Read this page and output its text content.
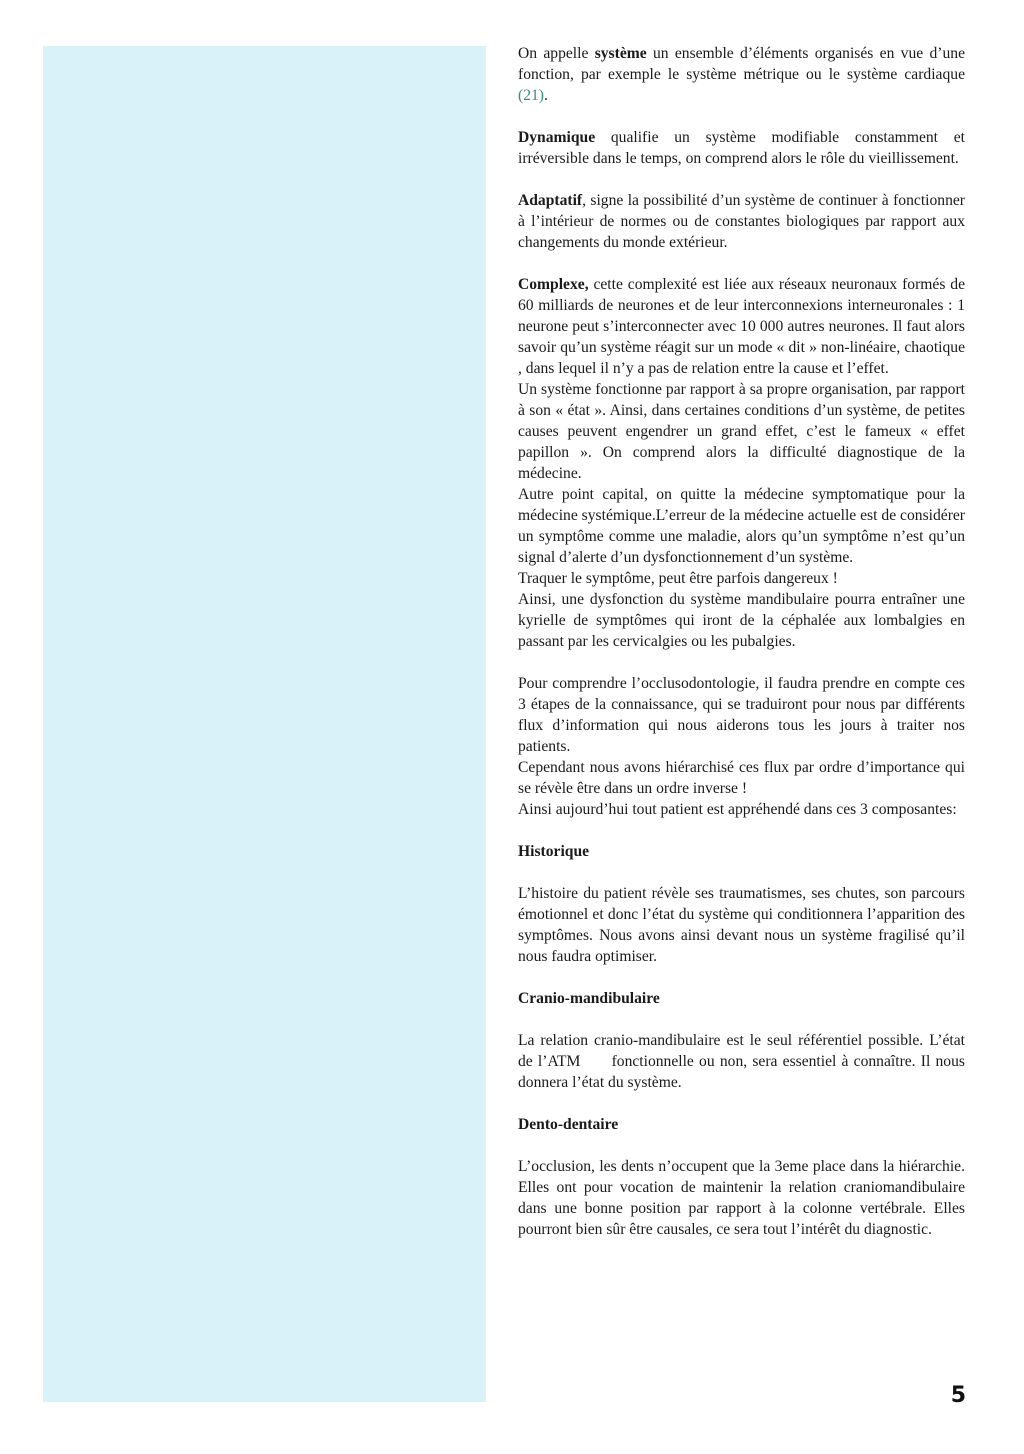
On appelle système un ensemble d’éléments organisés en vue d’une fonction, par exemple le système métrique ou le système cardiaque (21).

Dynamique qualifie un système modifiable constamment et irréversible dans le temps, on comprend alors le rôle du vieillissement.

Adaptatif, signe la possibilité d’un système de continuer à fonctionner à l’intérieur de normes ou de constantes biologiques par rapport aux changements du monde extérieur.

Complexe, cette complexité est liée aux réseaux neuronaux formés de 60 milliards de neurones et de leur interconnexions interneuronales : 1 neurone peut s’interconnecter avec 10 000 autres neurones. Il faut alors savoir qu’un système réagit sur un mode « dit » non-linéaire, chaotique , dans lequel il n’y a pas de relation entre la cause et l’effet.

Un système fonctionne par rapport à sa propre organisation, par rapport à son « état ». Ainsi, dans certaines conditions d’un système, de petites causes peuvent engendrer un grand effet, c’est le fameux « effet papillon ». On comprend alors la difficulté diagnostique de la médecine.

Autre point capital, on quitte la médecine symptomatique pour la médecine systémique.L’erreur de la médecine actuelle est de considérer un symptôme comme une maladie, alors qu’un symptôme n’est qu’un signal d’alerte d’un dysfonctionnement d’un système.

Traquer le symptôme, peut être parfois dangereux !

Ainsi, une dysfonction du système mandibulaire pourra entraîner une kyrielle de symptômes qui iront de la céphalée aux lombalgies en passant par les cervicalgies ou les pubalgies.

Pour comprendre l’occlusodontologie, il faudra prendre en compte ces 3 étapes de la connaissance, qui se traduiront pour nous par différents flux d’information qui nous aiderons tous les jours à traiter nos patients.

Cependant nous avons hiérarchisé ces flux par ordre d’importance qui se révèle être dans un ordre inverse !

Ainsi aujourd’hui tout patient est appréhendé dans ces 3 composantes:

Historique

L’histoire du patient révèle ses traumatismes, ses chutes, son parcours émotionnel et donc l’état du système qui conditionnera l’apparition des symptômes. Nous avons ainsi devant nous un système fragilisé qu’il nous faudra optimiser.

Cranio-mandibulaire

La relation cranio-mandibulaire est le seul référentiel possible. L’état de l’ATM fonctionnelle ou non, sera essentiel à connaître. Il nous donnera l’état du système.

Dento-dentaire

L’occlusion, les dents n’occupent que la 3eme place dans la hiérarchie. Elles ont pour vocation de maintenir la relation craniomandibulaire dans une bonne position par rapport à la colonne vertébrale. Elles pourront bien sûr être causales, ce sera tout l’intérêt du diagnostic.

5
